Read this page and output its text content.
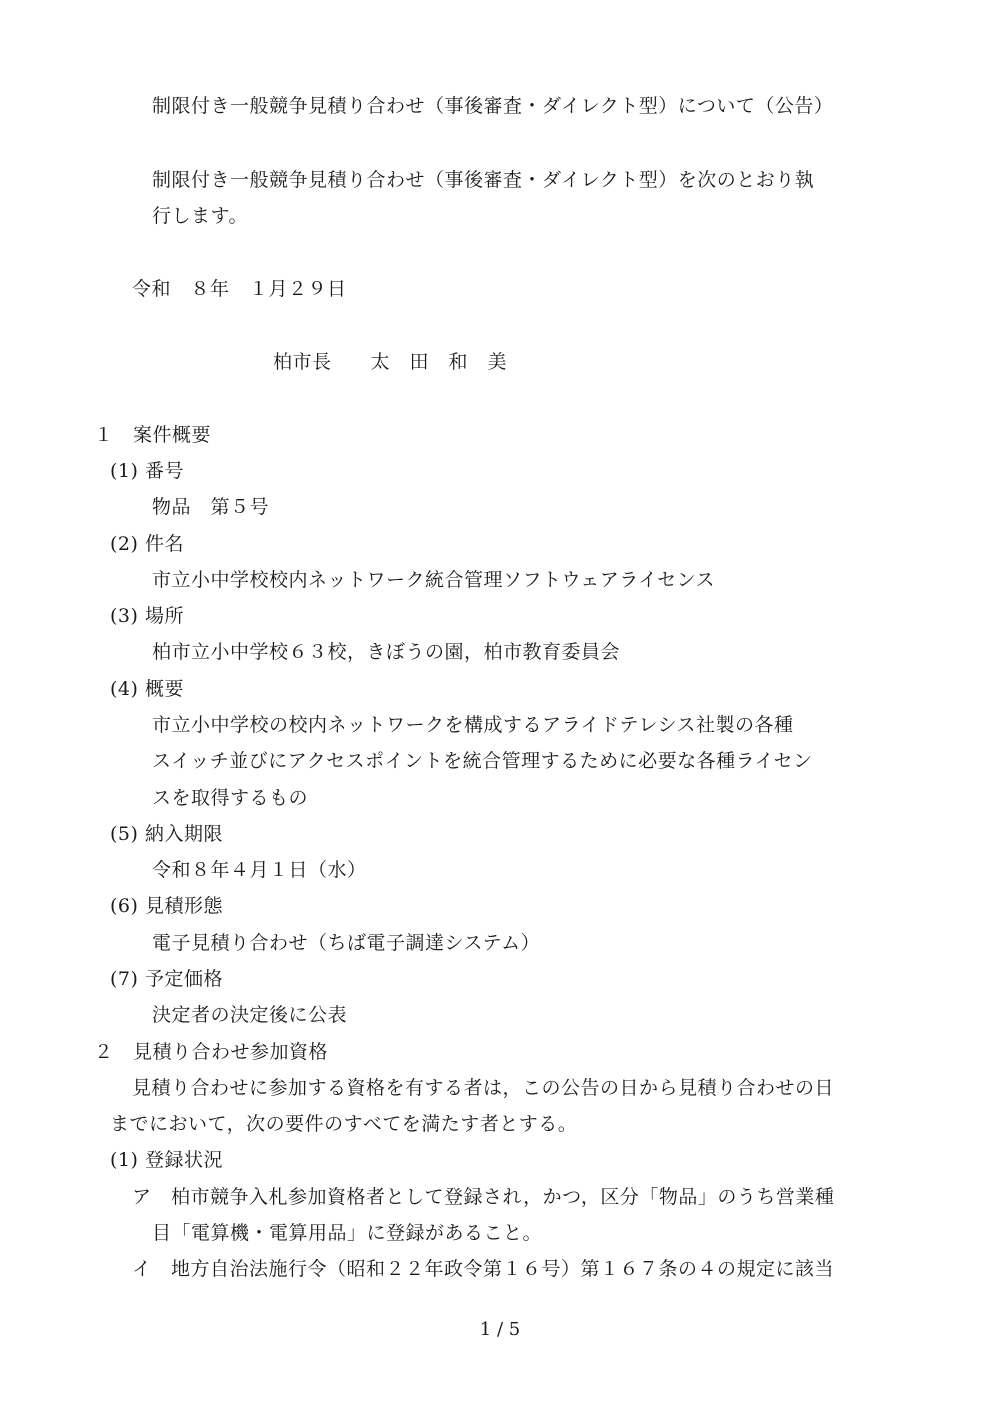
制限付き一般競争見積り合わせ（事後審査・ダイレクト型）について（公告）
制限付き一般競争見積り合わせ（事後審査・ダイレクト型）を次のとおり執
行します。
令和　８年　１月２９日
柏市長　　太　田　和　美
１　案件概要
(1) 番号
物品　第５号
(2) 件名
市立小中学校校内ネットワーク統合管理ソフトウェアライセンス
(3) 場所
柏市立小中学校６３校，きぼうの園，柏市教育委員会
(4) 概要
市立小中学校の校内ネットワークを構成するアライドテレシス社製の各種
スイッチ並びにアクセスポイントを統合管理するために必要な各種ライセン
スを取得するもの
(5) 納入期限
令和８年４月１日（水）
(6) 見積形態
電子見積り合わせ（ちば電子調達システム）
(7) 予定価格
決定者の決定後に公表
２　見積り合わせ参加資格
見積り合わせに参加する資格を有する者は，この公告の日から見積り合わせの日
までにおいて，次の要件のすべてを満たす者とする。
(1) 登録状況
ア　柏市競争入札参加資格者として登録され，かつ，区分「物品」のうち営業種
目「電算機・電算用品」に登録があること。
イ　地方自治法施行令（昭和２２年政令第１６号）第１６７条の４の規定に該当
1 / 5
